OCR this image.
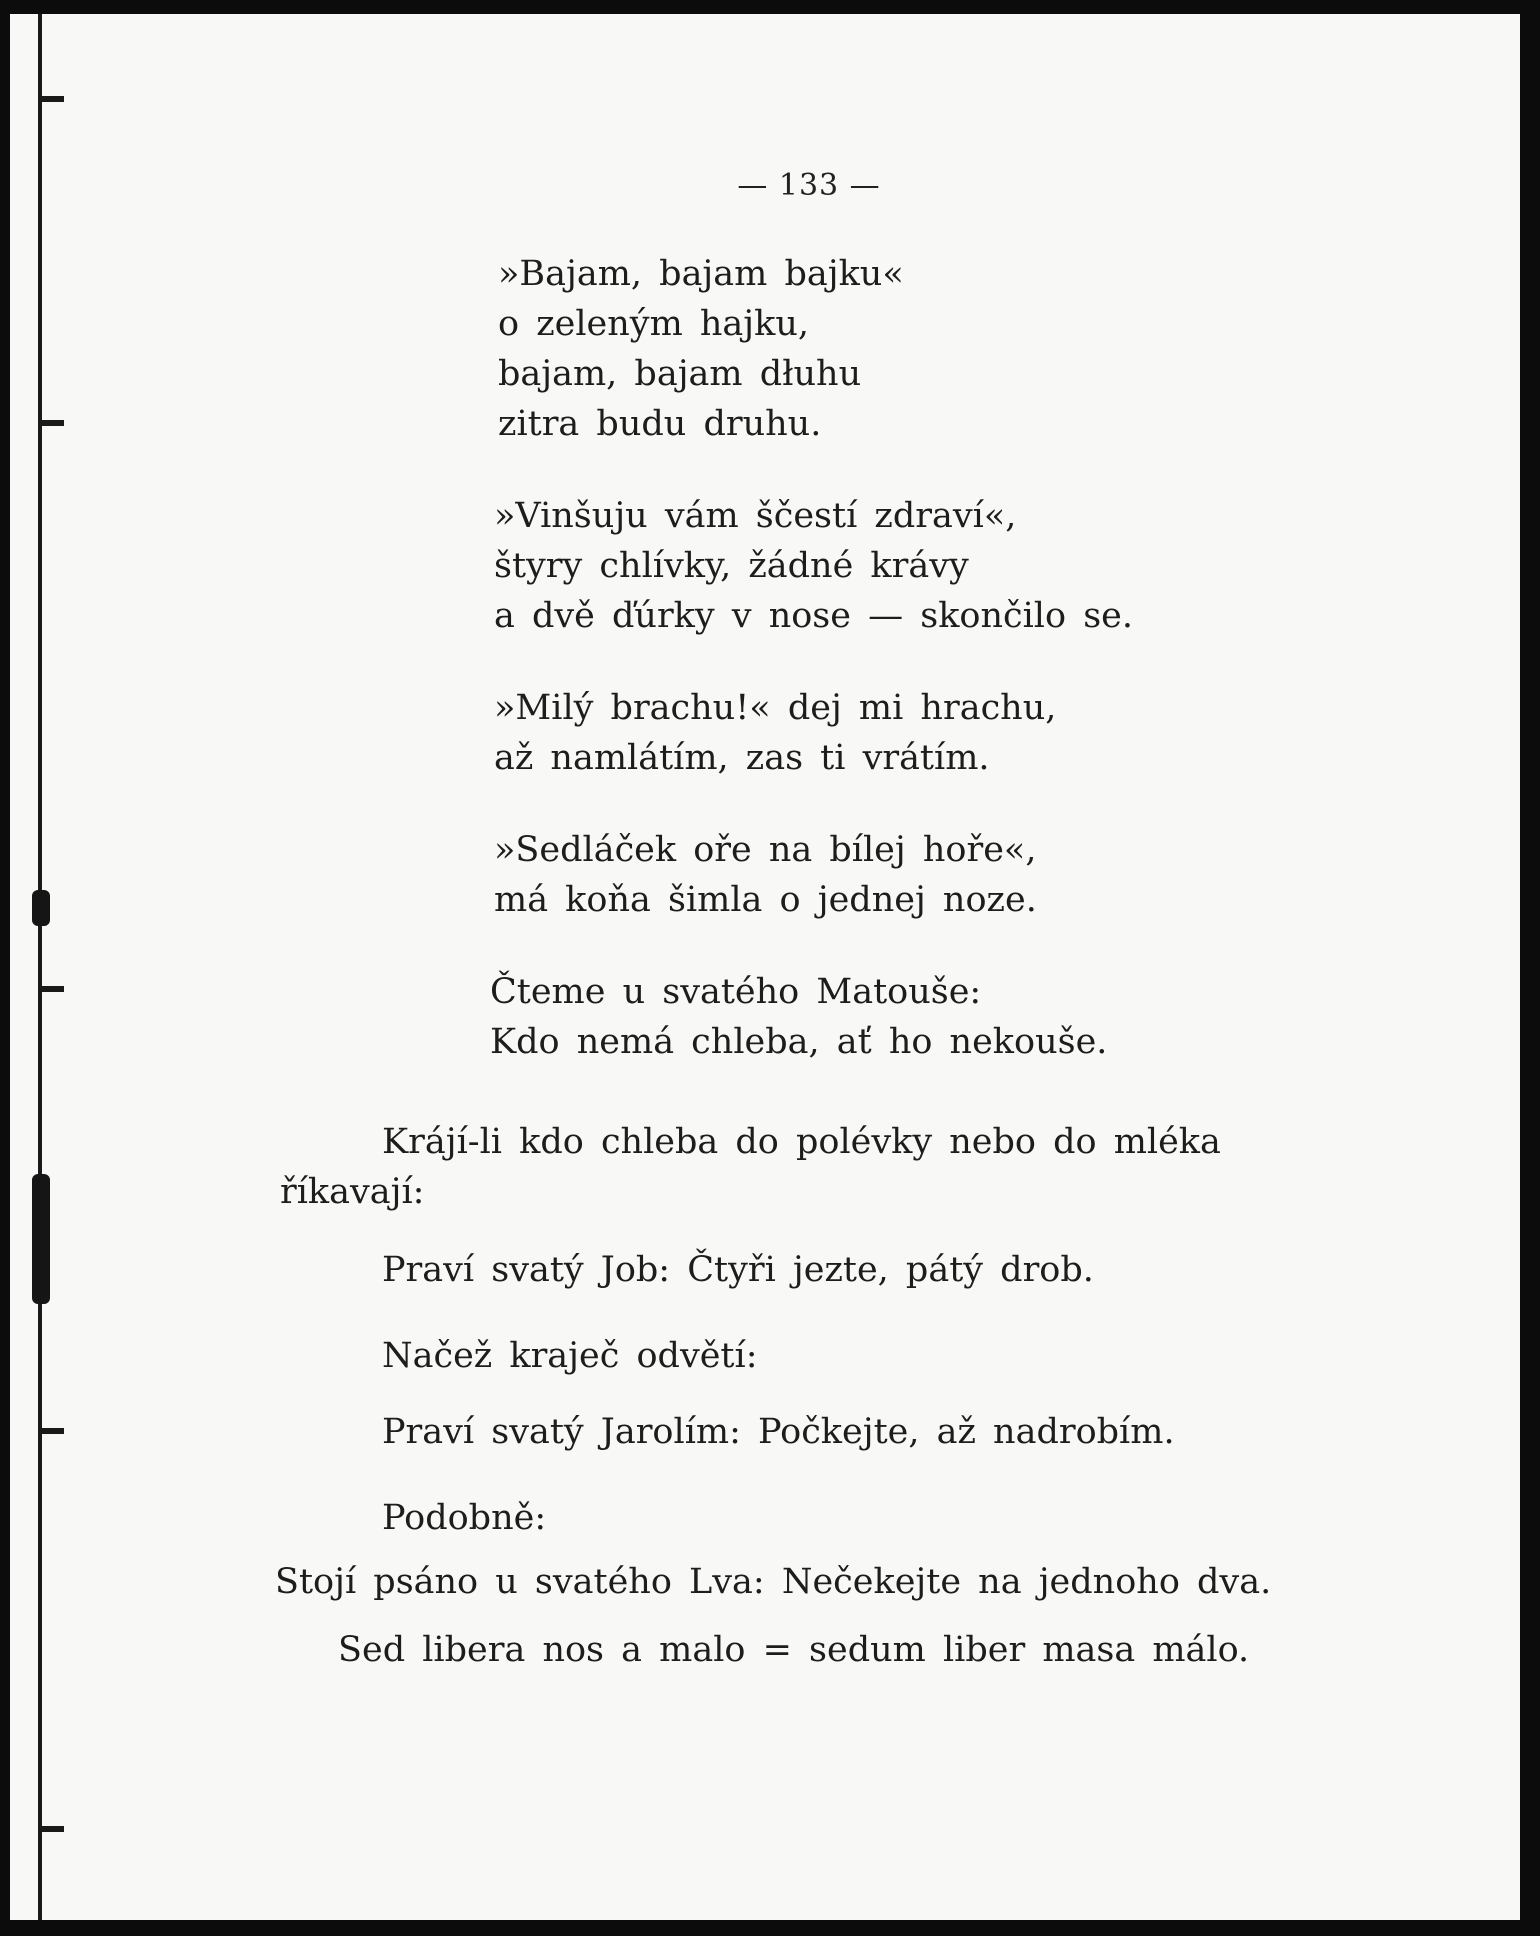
— 133 —
»Bajam, bajam bajku«
o zeleným hajku,
bajam, bajam dłuhu
zitra budu druhu.
»Vinšuju vám ščestí zdraví«,
štyry chlívky, žádné krávy
a dvě ďúrky v nose — skončilo se.
»Milý brachu!« dej mi hrachu,
až namlátím, zas ti vrátím.
»Sedláček oře na bílej hoře«,
má koňa šimla o jednej noze.
Čteme u svatého Matouše:
Kdo nemá chleba, ať ho nekouše.
Krájí-li kdo chleba do polévky nebo do mléka
říkavají:
Praví svatý Job: Čtyři jezte, pátý drob.
Načež kraječ odvětí:
Praví svatý Jarolím: Počkejte, až nadrobím.
Podobně:
Stojí psáno u svatého Lva: Nečekejte na jednoho dva.
Sed libera nos a malo = sedum liber masa málo.
